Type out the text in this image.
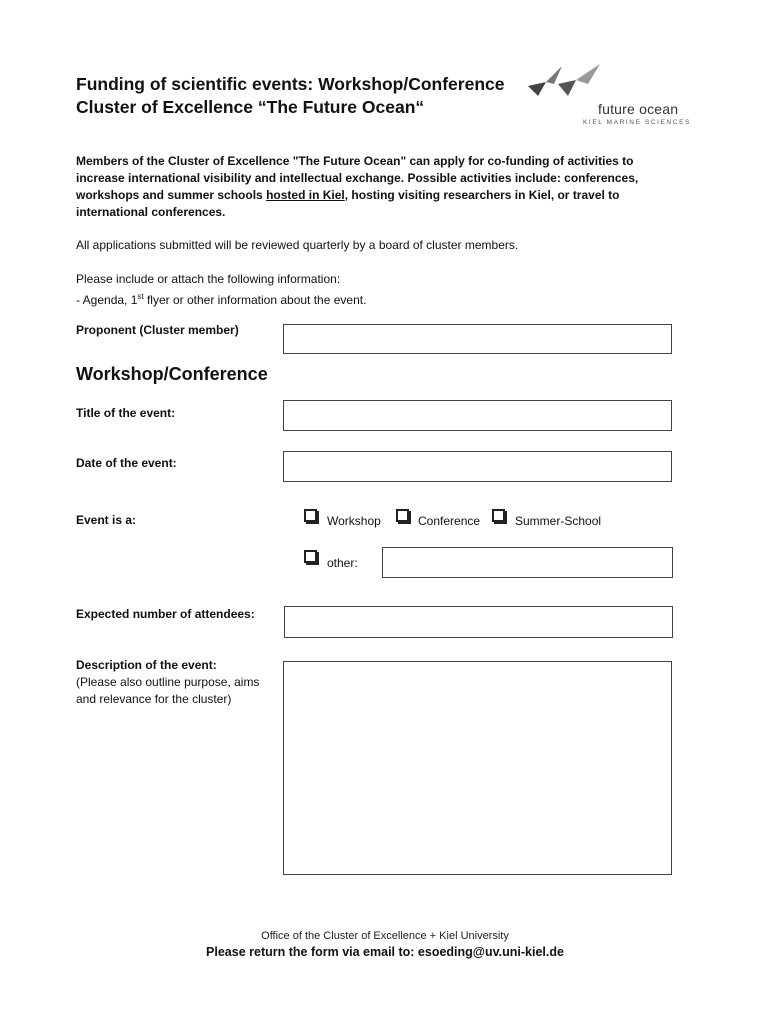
Funding of scientific events: Workshop/Conference
Cluster of Excellence “The Future Ocean“	future ocean
KIEL MARINE SCIENCES
Members of the Cluster of Excellence "The Future Ocean" can apply for co-funding of activities to increase international visibility and intellectual exchange. Possible activities include: conferences, workshops and summer schools hosted in Kiel, hosting visiting researchers in Kiel, or travel to international conferences.
All applications submitted will be reviewed quarterly by a board of cluster members.
Please include or attach the following information:
- Agenda, 1st flyer or other information about the event.
Proponent (Cluster member)
Workshop/Conference
Title of the event:
Date of the event:
Event is a:	Workshop	Conference	Summer-School
other:
Expected number of attendees:
Description of the event:
(Please also outline purpose, aims
and relevance for the cluster)
Office of the Cluster of Excellence + Kiel University
Please return the form via email to: esoeding@uv.uni-kiel.de
